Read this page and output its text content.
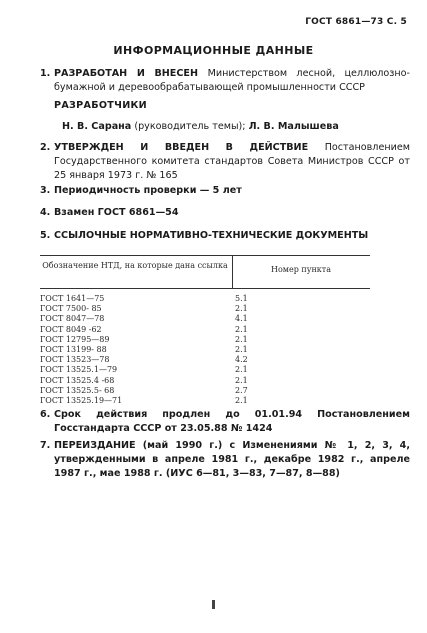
ГОСТ 6861—73 С. 5
ИНФОРМАЦИОННЫЕ ДАННЫЕ
1. РАЗРАБОТАН И ВНЕСЕН Министерством лесной, целлюлозно-бумажной и деревообрабатывающей промышленности СССР
РАЗРАБОТЧИКИ
Н. В. Сарана (руководитель темы); Л. В. Малышева
2. УТВЕРЖДЕН И ВВЕДЕН В ДЕЙСТВИЕ Постановлением Государственного комитета стандартов Совета Министров СССР от 25 января 1973 г. № 165
3. Периодичность проверки — 5 лет
4. Взамен ГОСТ 6861—54
5. ССЫЛОЧНЫЕ НОРМАТИВНО-ТЕХНИЧЕСКИЕ ДОКУМЕНТЫ
Обозначение НТД, на которые дана ссылка	Номер пункта
ГОСТ 1641—75	5.1
ГОСТ 7500- 85	2.1
ГОСТ 8047—78	4.1
ГОСТ 8049 -62	2.1
ГОСТ 12795—89	2.1
ГОСТ 13199- 88	2.1
ГОСТ 13523—78	4.2
ГОСТ 13525.1—79	2.1
ГОСТ 13525.4 -68	2.1
ГОСТ 13525.5- 68	2.7
ГОСТ 13525.19—71	2.1
6. Срок действия продлен до 01.01.94 Постановлением Госстандарта СССР от 23.05.88 № 1424
7. ПЕРЕИЗДАНИЕ (май 1990 г.) с Изменениями № 1, 2, 3, 4, утвержденными в апреле 1981 г., декабре 1982 г., апреле 1987 г., мае 1988 г. (ИУС 6—81, 3—83, 7—87, 8—88)
